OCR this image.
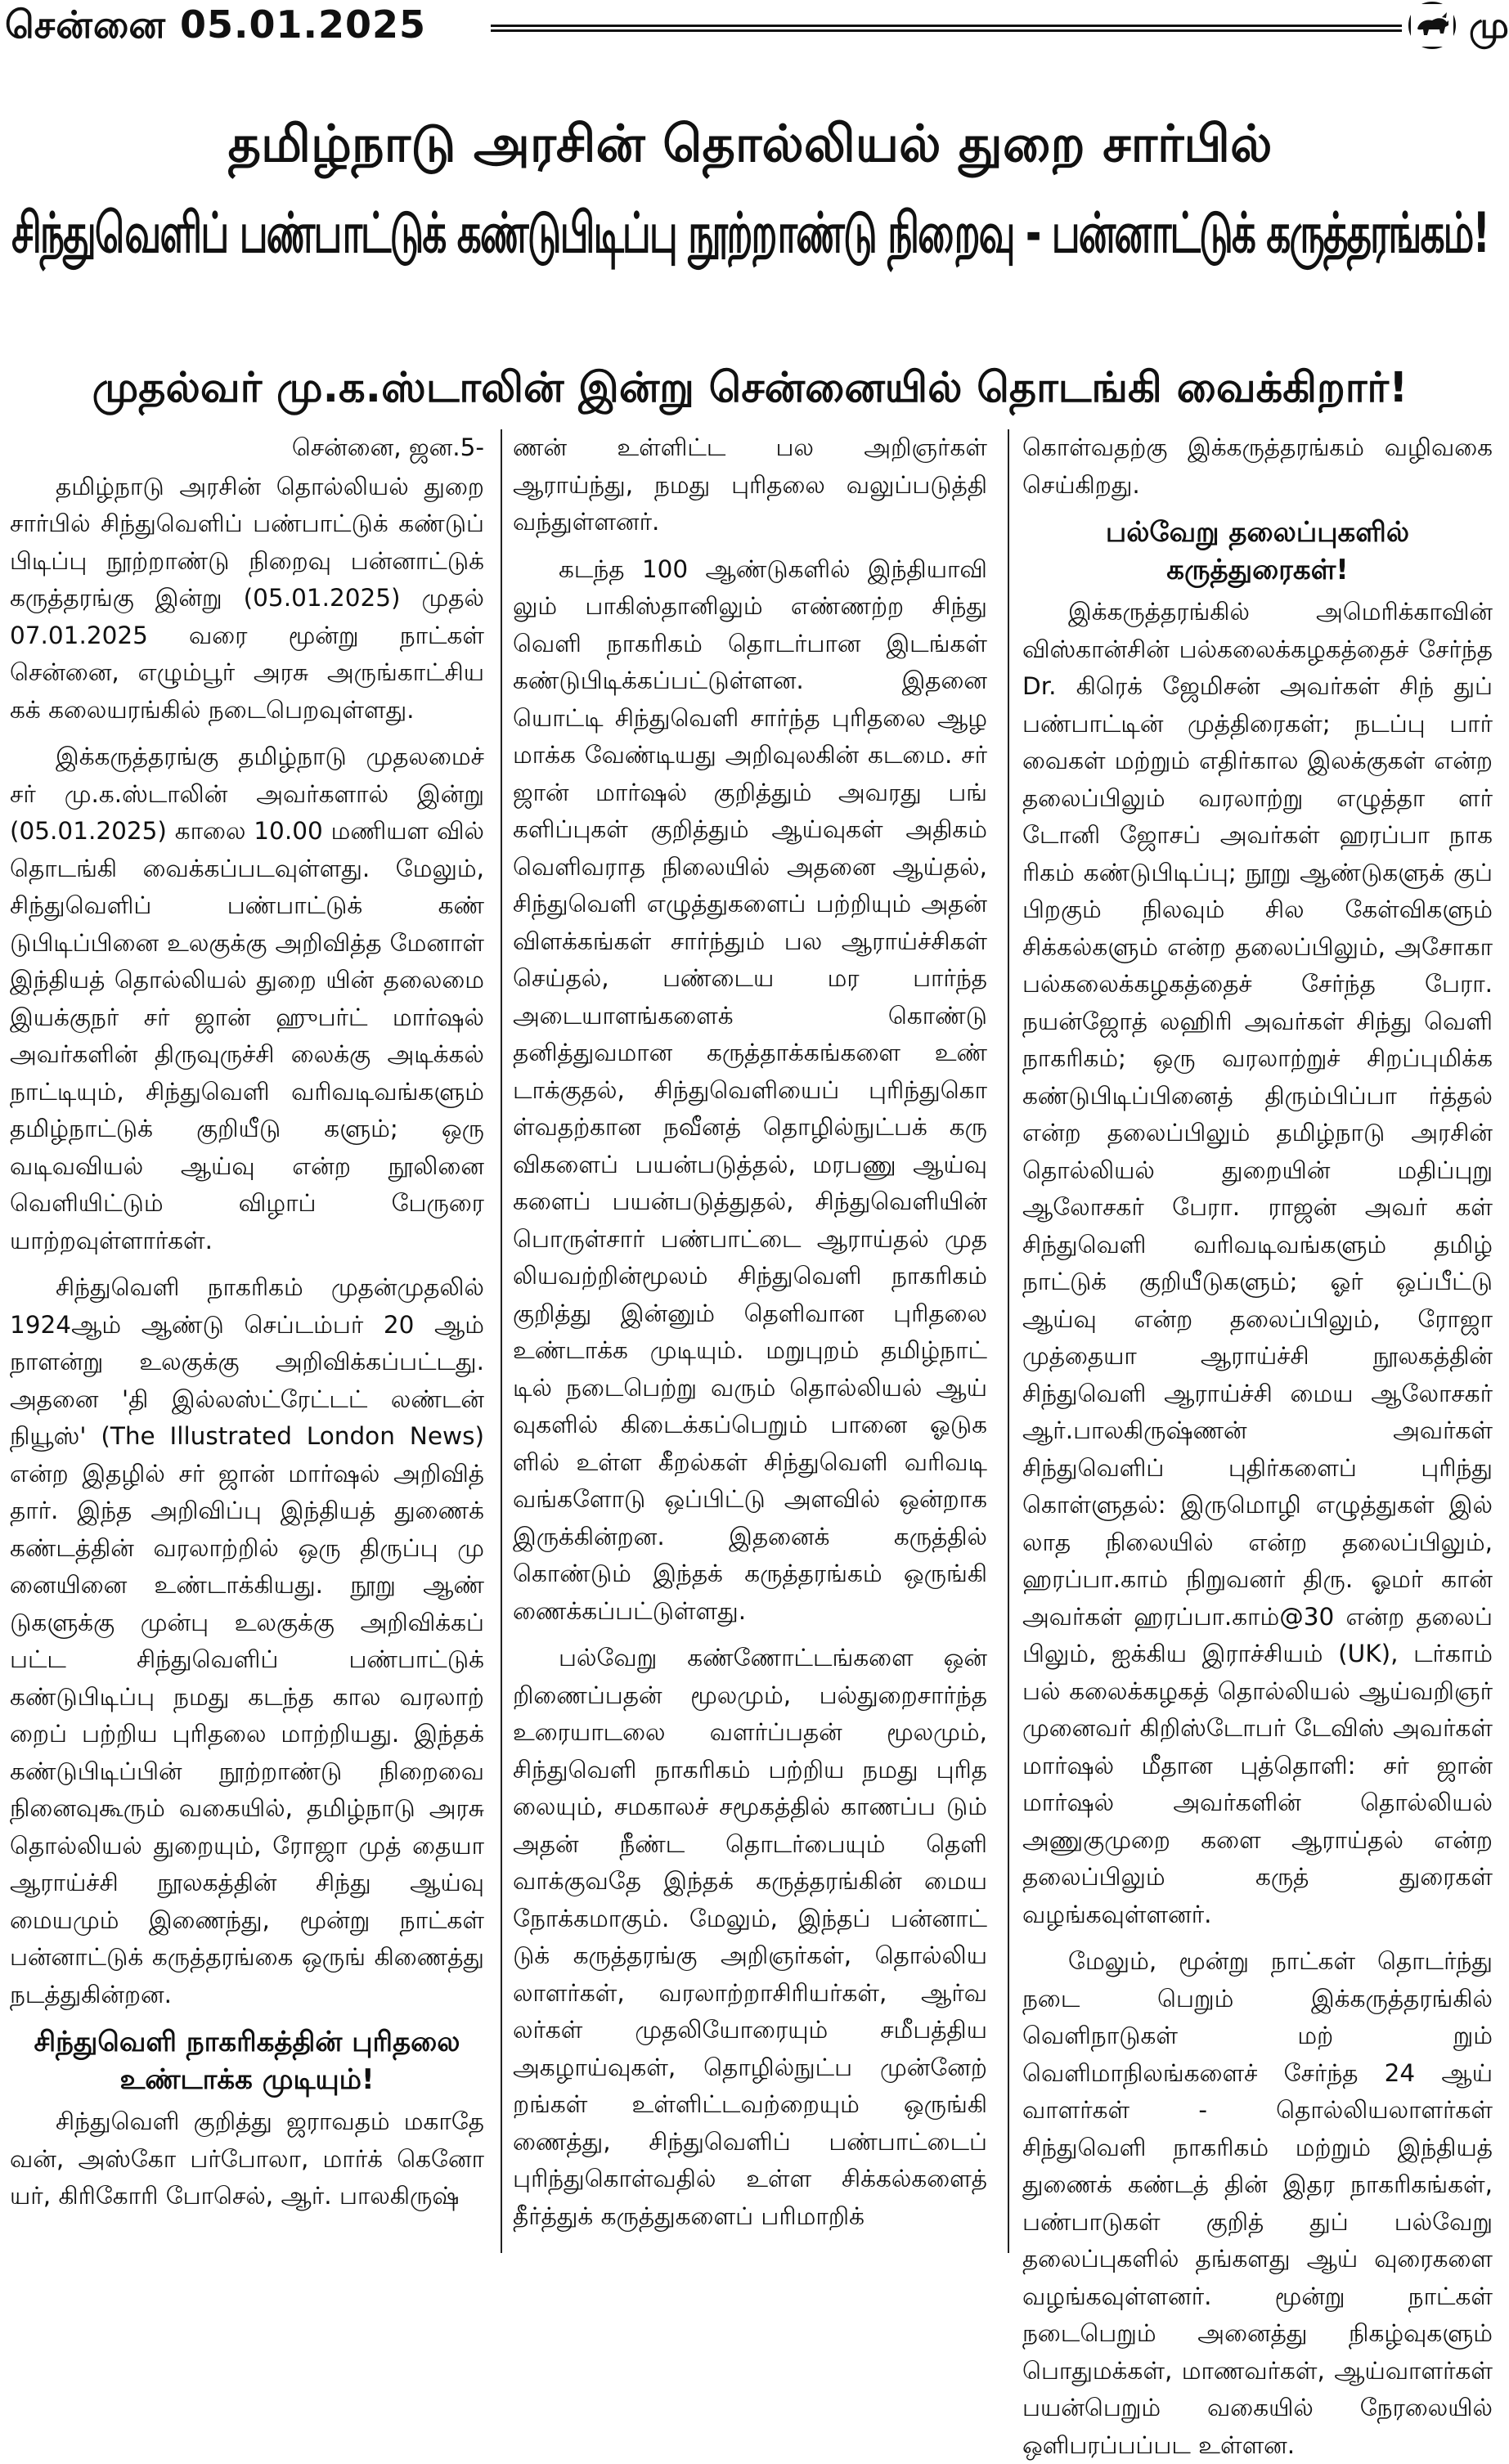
சென்னை 05.01.2025	மு
தமிழ்நாடு அரசின் தொல்லியல் துறை சார்பில்
சிந்துவெளிப் பண்பாட்டுக் கண்டுபிடிப்பு நூற்றாண்டு நிறைவு - பன்னாட்டுக் கருத்தரங்கம்!
முதல்வர் மு.க.ஸ்டாலின் இன்று சென்னையில் தொடங்கி வைக்கிறார்!

சென்னை, ஜன.5-

தமிழ்நாடு அரசின் தொல்லியல் துறை சார்பில் சிந்துவெளிப் பண்பாட்டுக் கண்டுப் பிடிப்பு நூற்றாண்டு நிறைவு பன்னாட்டுக் கருத்தரங்கு இன்று (05.01.2025) முதல் 07.01.2025 வரை மூன்று நாட்கள் சென்னை, எழும்பூர் அரசு அருங்காட்சிய கக் கலையரங்கில் நடைபெறவுள்ளது.

இக்கருத்தரங்கு தமிழ்நாடு முதலமைச் சர் மு.க.ஸ்டாலின் அவர்களால் இன்று (05.01.2025) காலை 10.00 மணியள வில் தொடங்கி வைக்கப்படவுள்ளது. மேலும், சிந்துவெளிப் பண்பாட்டுக் கண் டுபிடிப்பினை உலகுக்கு அறிவித்த மேனாள் இந்தியத் தொல்லியல் துறை யின் தலைமை இயக்குநர் சர் ஜான் ஹுபர்ட் மார்ஷல் அவர்களின் திருவுருச்சி லைக்கு அடிக்கல் நாட்டியும், சிந்துவெளி வரிவடிவங்களும் தமிழ்நாட்டுக் குறியீடு களும்; ஒரு வடிவவியல் ஆய்வு என்ற நூலினை வெளியிட்டும் விழாப் பேருரை யாற்றவுள்ளார்கள்.

சிந்துவெளி நாகரிகம் முதன்முதலில் 1924ஆம் ஆண்டு செப்டம்பர் 20 ஆம் நாளன்று உலகுக்கு அறிவிக்கப்பட்டது. அதனை 'தி இல்லஸ்ட்ரேட்டட் லண்டன் நியூஸ்' (The Illustrated London News) என்ற இதழில் சர் ஜான் மார்ஷல் அறிவித் தார். இந்த அறிவிப்பு இந்தியத் துணைக் கண்டத்தின் வரலாற்றில் ஒரு திருப்பு மு னையினை உண்டாக்கியது. நூறு ஆண் டுகளுக்கு முன்பு உலகுக்கு அறிவிக்கப் பட்ட சிந்துவெளிப் பண்பாட்டுக் கண்டுபிடிப்பு நமது கடந்த கால வரலாற் றைப் பற்றிய புரிதலை மாற்றியது. இந்தக் கண்டுபிடிப்பின் நூற்றாண்டு நிறைவை நினைவுகூரும் வகையில், தமிழ்நாடு அரசு தொல்லியல் துறையும், ரோஜா முத் தையா ஆராய்ச்சி நூலகத்தின் சிந்து ஆய்வு மையமும் இணைந்து, மூன்று நாட்கள் பன்னாட்டுக் கருத்தரங்கை ஒருங் கிணைத்து நடத்துகின்றன.

சிந்துவெளி நாகரிகத்தின் புரிதலை உண்டாக்க முடியும்!

சிந்துவெளி குறித்து ஜராவதம் மகாதே வன், அஸ்கோ பர்போலா, மார்க் கெனோ யர், கிரிகோரி போசெல், ஆர். பாலகிருஷ்

ணன் உள்ளிட்ட பல அறிஞர்கள் ஆராய்ந்து, நமது புரிதலை வலுப்படுத்தி வந்துள்ளனர்.

கடந்த 100 ஆண்டுகளில் இந்தியாவி லும் பாகிஸ்தானிலும் எண்ணற்ற சிந்து வெளி நாகரிகம் தொடர்பான இடங்கள் கண்டுபிடிக்கப்பட்டுள்ளன. இதனை யொட்டி சிந்துவெளி சார்ந்த புரிதலை ஆழ மாக்க வேண்டியது அறிவுலகின் கடமை. சர் ஜான் மார்ஷல் குறித்தும் அவரது பங் களிப்புகள் குறித்தும் ஆய்வுகள் அதிகம் வெளிவராத நிலையில் அதனை ஆய்தல், சிந்துவெளி எழுத்துகளைப் பற்றியும் அதன் விளக்கங்கள் சார்ந்தும் பல ஆராய்ச்சிகள் செய்தல், பண்டைய மர பார்ந்த அடையாளங்களைக் கொண்டு தனித்துவமான கருத்தாக்கங்களை உண் டாக்குதல், சிந்துவெளியைப் புரிந்துகொ ள்வதற்கான நவீனத் தொழில்நுட்பக் கரு விகளைப் பயன்படுத்தல், மரபணு ஆய்வு களைப் பயன்படுத்துதல், சிந்துவெளியின் பொருள்சார் பண்பாட்டை ஆராய்தல் முத லியவற்றின்மூலம் சிந்துவெளி நாகரிகம் குறித்து இன்னும் தெளிவான புரிதலை உண்டாக்க முடியும். மறுபுறம் தமிழ்நாட் டில் நடைபெற்று வரும் தொல்லியல் ஆய் வுகளில் கிடைக்கப்பெறும் பானை ஓடுக ளில் உள்ள கீறல்கள் சிந்துவெளி வரிவடி வங்களோடு ஒப்பிட்டு அளவில் ஒன்றாக இருக்கின்றன. இதனைக் கருத்தில் கொண்டும் இந்தக் கருத்தரங்கம் ஒருங்கி ணைக்கப்பட்டுள்ளது.

பல்வேறு கண்ணோட்டங்களை ஒன் றிணைப்பதன் மூலமும், பல்துறைசார்ந்த உரையாடலை வளர்ப்பதன் மூலமும், சிந்துவெளி நாகரிகம் பற்றிய நமது புரித லையும், சமகாலச் சமூகத்தில் காணப்ப டும் அதன் நீண்ட தொடர்பையும் தெளி வாக்குவதே இந்தக் கருத்தரங்கின் மைய நோக்கமாகும். மேலும், இந்தப் பன்னாட் டுக் கருத்தரங்கு அறிஞர்கள், தொல்லிய லாளர்கள், வரலாற்றாசிரியர்கள், ஆர்வ லர்கள் முதலியோரையும் சமீபத்திய அகழாய்வுகள், தொழில்நுட்ப முன்னேற் றங்கள் உள்ளிட்டவற்றையும் ஒருங்கி ணைத்து, சிந்துவெளிப் பண்பாட்டைப் புரிந்துகொள்வதில் உள்ள சிக்கல்களைத் தீர்த்துக் கருத்துகளைப் பரிமாறிக்

கொள்வதற்கு இக்கருத்தரங்கம் வழிவகை செய்கிறது.

பல்வேறு தலைப்புகளில் கருத்துரைகள்!

இக்கருத்தரங்கில் அமெரிக்காவின் விஸ்கான்சின் பல்கலைக்கழகத்தைச் சேர்ந்த Dr. கிரெக் ஜேமிசன் அவர்கள் சிந் துப் பண்பாட்டின் முத்திரைகள்; நடப்பு பார் வைகள் மற்றும் எதிர்கால இலக்குகள் என்ற தலைப்பிலும் வரலாற்று எழுத்தா ளர் டோனி ஜோசப் அவர்கள் ஹரப்பா நாக ரிகம் கண்டுபிடிப்பு; நூறு ஆண்டுகளுக் குப் பிறகும் நிலவும் சில கேள்விகளும் சிக்கல்களும் என்ற தலைப்பிலும், அசோகா பல்கலைக்கழகத்தைச் சேர்ந்த பேரா. நயன்ஜோத் லஹிரி அவர்கள் சிந்து வெளி நாகரிகம்; ஒரு வரலாற்றுச் சிறப்புமிக்க கண்டுபிடிப்பினைத் திரும்பிப்பா ர்த்தல் என்ற தலைப்பிலும் தமிழ்நாடு அரசின் தொல்லியல் துறையின் மதிப்புறு ஆலோசகர் பேரா. ராஜன் அவர் கள் சிந்துவெளி வரிவடிவங்களும் தமிழ் நாட்டுக் குறியீடுகளும்; ஓர் ஒப்பீட்டு ஆய்வு என்ற தலைப்பிலும், ரோஜா முத்தையா ஆராய்ச்சி நூலகத்தின் சிந்துவெளி ஆராய்ச்சி மைய ஆலோசகர் ஆர்.பாலகிருஷ்ணன் அவர்கள் சிந்துவெளிப் புதிர்களைப் புரிந்து கொள்ளுதல்: இருமொழி எழுத்துகள் இல் லாத நிலையில் என்ற தலைப்பிலும், ஹரப்பா.காம் நிறுவனர் திரு. ஓமர் கான் அவர்கள் ஹரப்பா.காம்@30 என்ற தலைப் பிலும், ஐக்கிய இராச்சியம் (UK), டர்காம் பல் கலைக்கழகத் தொல்லியல் ஆய்வறிஞர் முனைவர் கிறிஸ்டோபர் டேவிஸ் அவர்கள் மார்ஷல் மீதான புத்தொளி: சர் ஜான் மார்ஷல் அவர்களின் தொல்லியல் அணுகுமுறை களை ஆராய்தல் என்ற தலைப்பிலும் கருத் துரைகள் வழங்கவுள்ளனர்.

மேலும், மூன்று நாட்கள் தொடர்ந்து நடை பெறும் இக்கருத்தரங்கில் வெளிநாடுகள் மற் றும் வெளிமாநிலங்களைச் சேர்ந்த 24 ஆய் வாளர்கள் - தொல்லியலாளர்கள் சிந்துவெளி நாகரிகம் மற்றும் இந்தியத் துணைக் கண்டத் தின் இதர நாகரிகங்கள், பண்பாடுகள் குறித் துப் பல்வேறு தலைப்புகளில் தங்களது ஆய் வுரைகளை வழங்கவுள்ளனர். மூன்று நாட்கள் நடைபெறும் அனைத்து நிகழ்வுகளும் பொதுமக்கள், மாணவர்கள், ஆய்வாளர்கள் பயன்பெறும் வகையில் நேரலையில் ஒளிபரப்பப்பட உள்ளன.
